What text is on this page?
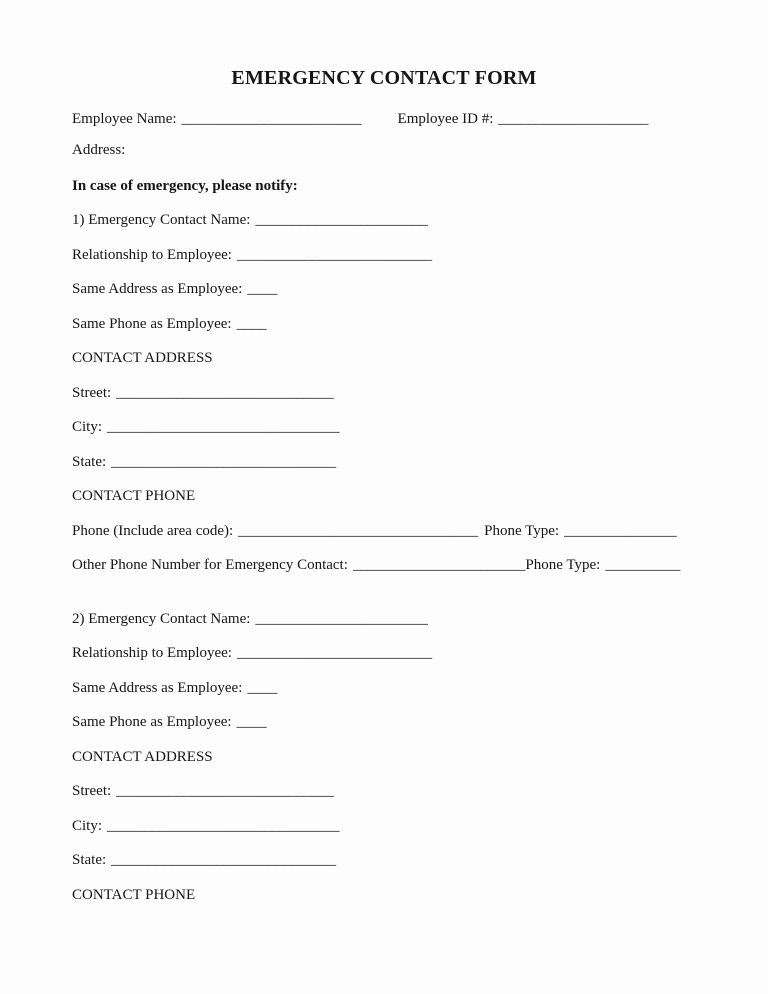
EMERGENCY CONTACT FORM
Employee Name: ________________________ Employee ID #: ____________________
Address:
In case of emergency, please notify:
1) Emergency Contact Name: _______________________
Relationship to Employee: __________________________
Same Address as Employee: ____
Same Phone as Employee: ____
CONTACT ADDRESS
Street: _____________________________
City: _______________________________
State: ______________________________
CONTACT PHONE
Phone (Include area code): ________________________________ Phone Type: _______________
Other Phone Number for Emergency Contact: _______________________Phone Type: __________
2) Emergency Contact Name: _______________________
Relationship to Employee: __________________________
Same Address as Employee: ____
Same Phone as Employee: ____
CONTACT ADDRESS
Street: _____________________________
City: _______________________________
State: ______________________________
CONTACT PHONE
